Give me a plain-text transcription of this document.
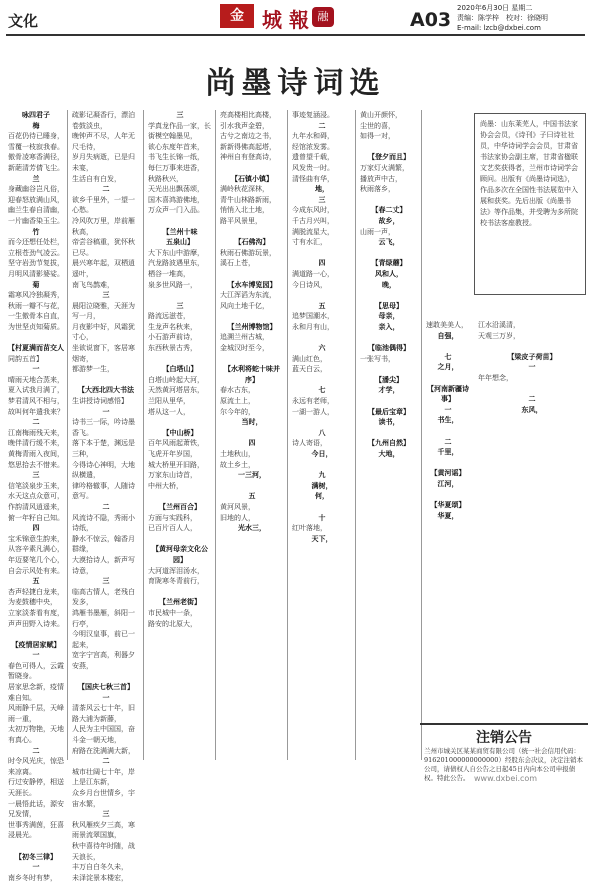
文化	金 城 報 融	A03
2020年6月30日 星期二
责编：陈学梓　校对：徐晓明
E-mail: lzcb@dxbei.com
尚墨诗词选

咏四君子

梅

百花仍待已睡身，雪覆一枝寂我春。

傲骨凌寒香满径，新葩清芳倩飞尘。

兰

身藏幽谷岂凡俗，迎春怒放满山风，

幽兰生春自清幽，一片幽香染玉尘。

竹

而今还想任处栏，立根苍劲气凌云。

坚守岩劲节复拔，月明风清影婆娑。

菊

霜寒风冷独凝秀，秋雨一瓣不与花，

一生傲骨本自直，为世坚贞知菊质。

【村夏满而苗交人

同韵五首】

一

晴雨天地合蒸来，夏入试我月满了，

梦君清风不相与，故叫何年遣我来？

二

江南梅雨残天来，晚伴清行缓不来，

黄梅青雨入夜间，悠思拾去不惜来。

三

信笔淡泉步玉来，水天这点众意可，

作韵清风逍遥来，俯一年籽自己知。

四

宝禾锦意生韵来，从容辛素凡满心，

年迈要笔几个心，自会示风处有来。

五

杏声轻捷白龙来，为麦鼓穗中央，

立家淡茶看有度，声声田野入诗来。

【疫情居家赋】

一

春色可得人，云霞暂晓身。

居家思念新，疫情难自知。

风雨静千层，天峰雨一重，

太初万物艳，天地有真心。

二

时令风光庆，惊恐来凉离。

行过安静停，相送天涯长。

一晨悟此话，源安兄发情，

世事秀满茵，狂喜浸晨光。

【初冬三律】

一

南乡冬时有梦，

疏影记凝香行，漂泊卷鼓淡虫，

晚钟声不尽，人年无尺毛待，

岁月失病逝，已是归未宴，

生活自有白发，

二

欲乡千里外，一望一心愁。

冷风吹万里，岸前雁秋高，

帝尝谷稿重，犹怀秋已尽。

晨兴寒年起，双栖逍遥叶，

南飞鸟鹊难，

三

晨阳泣晓雅，天涯为写一月，

月夜影中好，风霜犹寸心，

坐欲说窗下，客居寒烟寄，

都游梦一生，

【大西北四大书法

生讲授诗词感悟】

一

诗书三一际，吟诗墨香飞。

落下本于楚，渊远是三种，

今得诗心神明，大地纵横遣，

律吟格辙事，人随诗意写。

二

风流诗不隐，秀雨小诗纸，

静水不惊云，翰香月群缘，

大漠拾诗人，新声写诗意，

三

临高古情人，老残白发多，

鸿雁书墨雁，斜阳一行亭，

今明汉皇事，前已一起来，

宽字宁宫高，利器夕安燕，

【国庆七秋三首】

一

清茶风云七十年，旧路大浦为新藤，

人民为主中国国，奋斗金一朝天地，

府路在洗满满大新，

二

城市壮阔七十年，岸上是江东新，

众乡月台世情乡，宇宙水繁，

三

秋风雁疾夕三高，寒雨景流翠国旗，

秋中喜待年时随，战天浪长，

丰万自白冬久未，

未泽淀景本楼宏，

三

学真龙作品一家，长街模空翰墨见，

欲心东度年首来，

书飞生长锦一纸，

每仨万事来进香，

秋路秋兴，

天光出出飘荡颂，

国木喜鸿游佛地，

万众声一门入品。

【兰州十味

五泉山】

大下东山中游摩，

汽龙路波遇里东，

栖谷一堆高，

泉多世风路一，

三

路流远滋苍，

生龙声名秋来，

小石游声前诗，

东西秋景古秀，

【白塔山】

白塔山岭起大河，

天然黄河塔居东，

兰阳从里华，

塔从这一人，

【中山桥】

百年风雨起萧铁，

飞虎开年岁国，

城大桥里开旧路，

万家东山诗首，

中州大桥，

【兰州百合】

方面与实践科，

已百片百人人，

【黄河母亲文化公园】

大河道浑泪汤水，

育陇寒冬青前行，

【兰州老街】

市民城中一条，

路安的北原大，

亮高楼相比高楼，

引水我声金碧，

古兮之南边之书，

新新得佛高起塔，

神州自有登高诗，

【石镇小镇】

满岭秋花深林，

青牛山林路新雨，

悄悄入北土地，

路平风景里，

【石佛沟】

秋雨石佛游玩景，

溪石上苍，

【水车博览园】

大江浑滔为东流，

风向土地千亿，

【兰州博物馆】

追溯兰州古城，

金城汉时至今，

【水利将蛇十味并序】

春水古东，

原流土上，

尔今年的，

当时，

四

土地秋山，

故土乡土，

一三河，

五

黄河风景，

旧地的人，

光水三，

事迹复涵浸。

二

九年水和碍，

经馆浓发雾。

遗曾望千载，

风发贵一时。

清怪曲有华，

地，

三

今成东风时，

千古月兴叫，

满脱流星大，

寸有水汇，

四

满道路一心，

今日诗风，

五

追梦国潮水，

永和月有山，

六

满山红色，

蓝天白云，

七

永远有老师，

一湖一游人，

八

诗人寄语，

今日，

九

满树，

何，

十

红叶落地，

天下，

黄山开颜怀，

尘世的喜，

如得一对，

【登夕而且】

万家灯火满繁，

播放声中古，

秋雨落乡，

【春二丈】

故乡，

山雨一声，

云飞，

【青绿蘑】

风和人，

晚，

【思母】

母亲，

亲入，

【临池偶得】

一张写书，

【潘尖】

才学，

【最后宝章】

读书，

【九州自然】

大地，

速敢美美人，

自强，

七

之月，

【河南新疆诗事】

一

书生，

二

千里，

【黄河谣】

江河，

【华夏颂】

华夏，

江水沿溪清，

天观三万岁，

【梁皮子荷苗】

一

年年想念，

二

东风，

尚墨：山东莱芜人，中国书法家协会会员，《诗刊》子曰诗社社员，中华诗词学会会员，甘肃省书法家协会副主席，甘肃省楹联文艺奖获得者，兰州市诗词学会顾问。出版有《尚墨诗词选》，作品多次在全国性书法展览中入展和获奖。先后出版《尚墨书法》等作品集，并受聘为多所院校书法客座教授。
注销公告
兰州市城关区某某商贸有限公司（统一社会信用代码：916201000000000000）经股东会决议，决定注销本公司，请债权人自公告之日起45日内向本公司申报债权。特此公告。 www.dxbei.com
